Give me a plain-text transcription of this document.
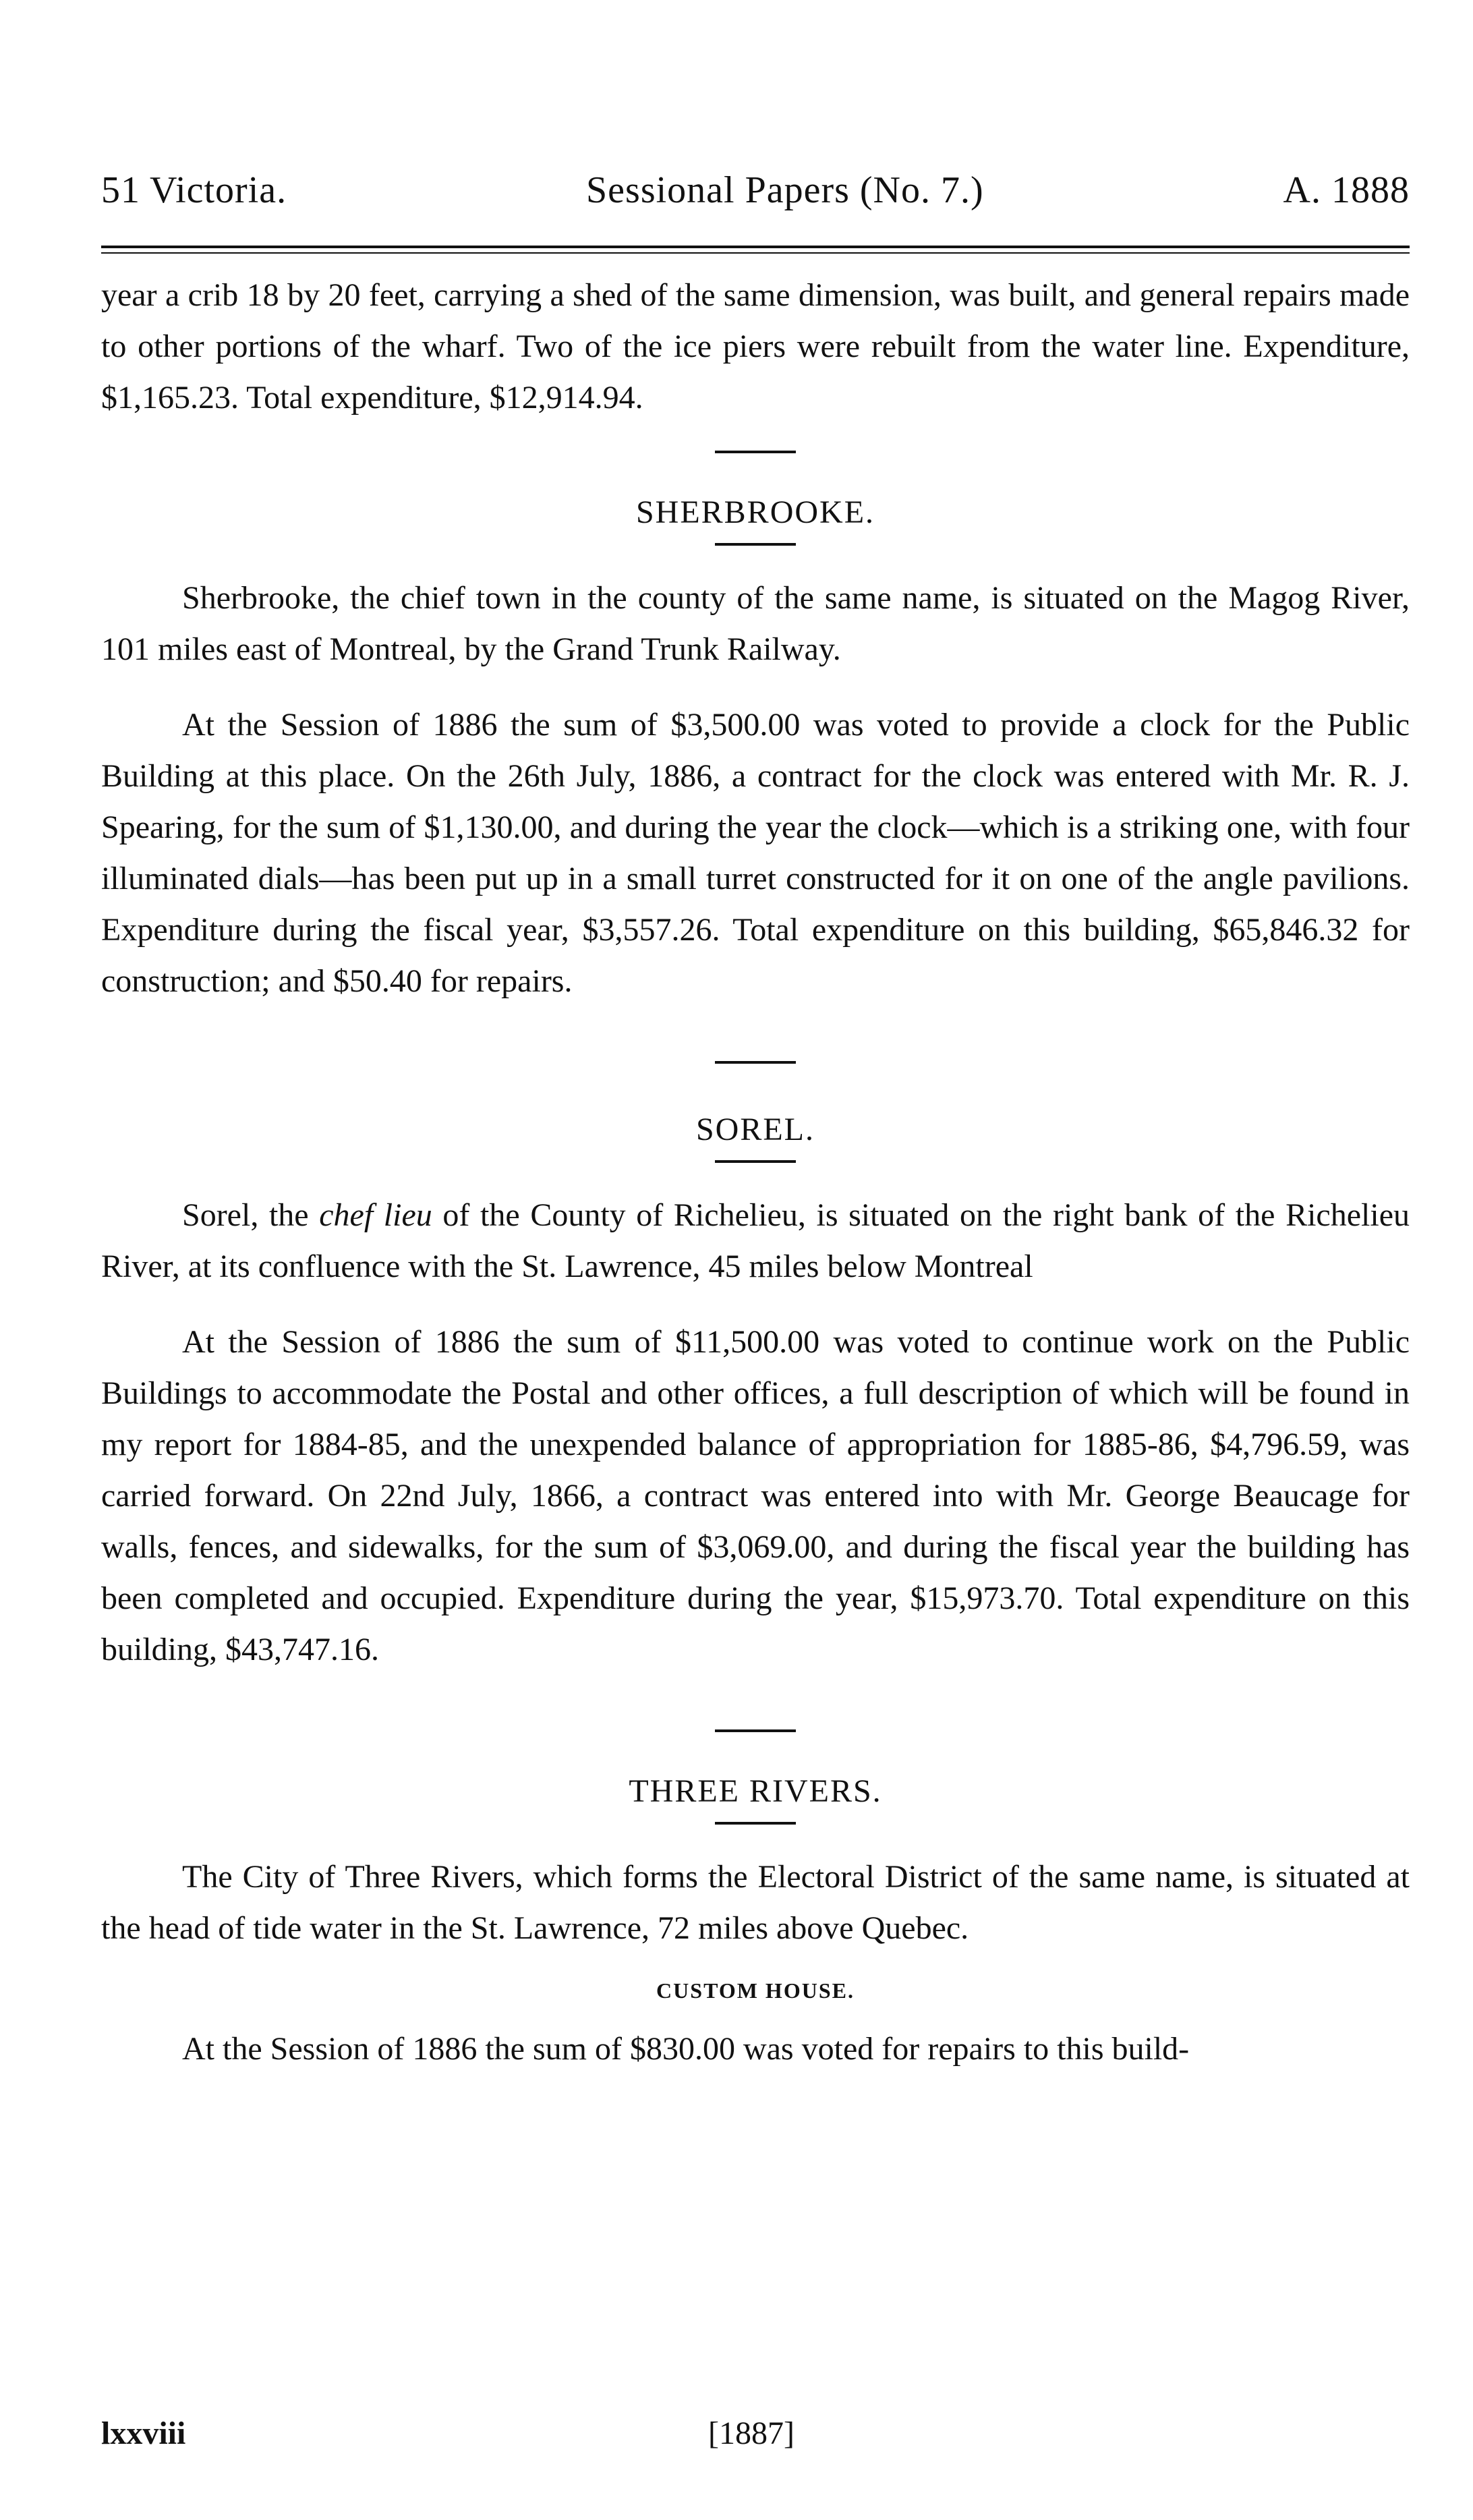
51 Victoria.	Sessional Papers (No. 7.)	A. 1888

year a crib 18 by 20 feet, carrying a shed of the same dimension, was built, and general repairs made to other portions of the wharf. Two of the ice piers were rebuilt from the water line. Expenditure, $1,165.23. Total expenditure, $12,914.94.

SHERBROOKE.

Sherbrooke, the chief town in the county of the same name, is situated on the Magog River, 101 miles east of Montreal, by the Grand Trunk Railway.

At the Session of 1886 the sum of $3,500.00 was voted to provide a clock for the Public Building at this place. On the 26th July, 1886, a contract for the clock was entered with Mr. R. J. Spearing, for the sum of $1,130.00, and during the year the clock—which is a striking one, with four illuminated dials—has been put up in a small turret constructed for it on one of the angle pavilions. Expenditure during the fiscal year, $3,557.26. Total expenditure on this building, $65,846.32 for construction; and $50.40 for repairs.

SOREL.

Sorel, the chef lieu of the County of Richelieu, is situated on the right bank of the Richelieu River, at its confluence with the St. Lawrence, 45 miles below Montreal

At the Session of 1886 the sum of $11,500.00 was voted to continue work on the Public Buildings to accommodate the Postal and other offices, a full description of which will be found in my report for 1884-85, and the unexpended balance of appropriation for 1885-86, $4,796.59, was carried forward. On 22nd July, 1866, a contract was entered into with Mr. George Beaucage for walls, fences, and sidewalks, for the sum of $3,069.00, and during the fiscal year the building has been completed and occupied. Expenditure during the year, $15,973.70. Total expenditure on this building, $43,747.16.

THREE RIVERS.

The City of Three Rivers, which forms the Electoral District of the same name, is situated at the head of tide water in the St. Lawrence, 72 miles above Quebec.

CUSTOM HOUSE.

At the Session of 1886 the sum of $830.00 was voted for repairs to this build-

lxxviii	[1887]
